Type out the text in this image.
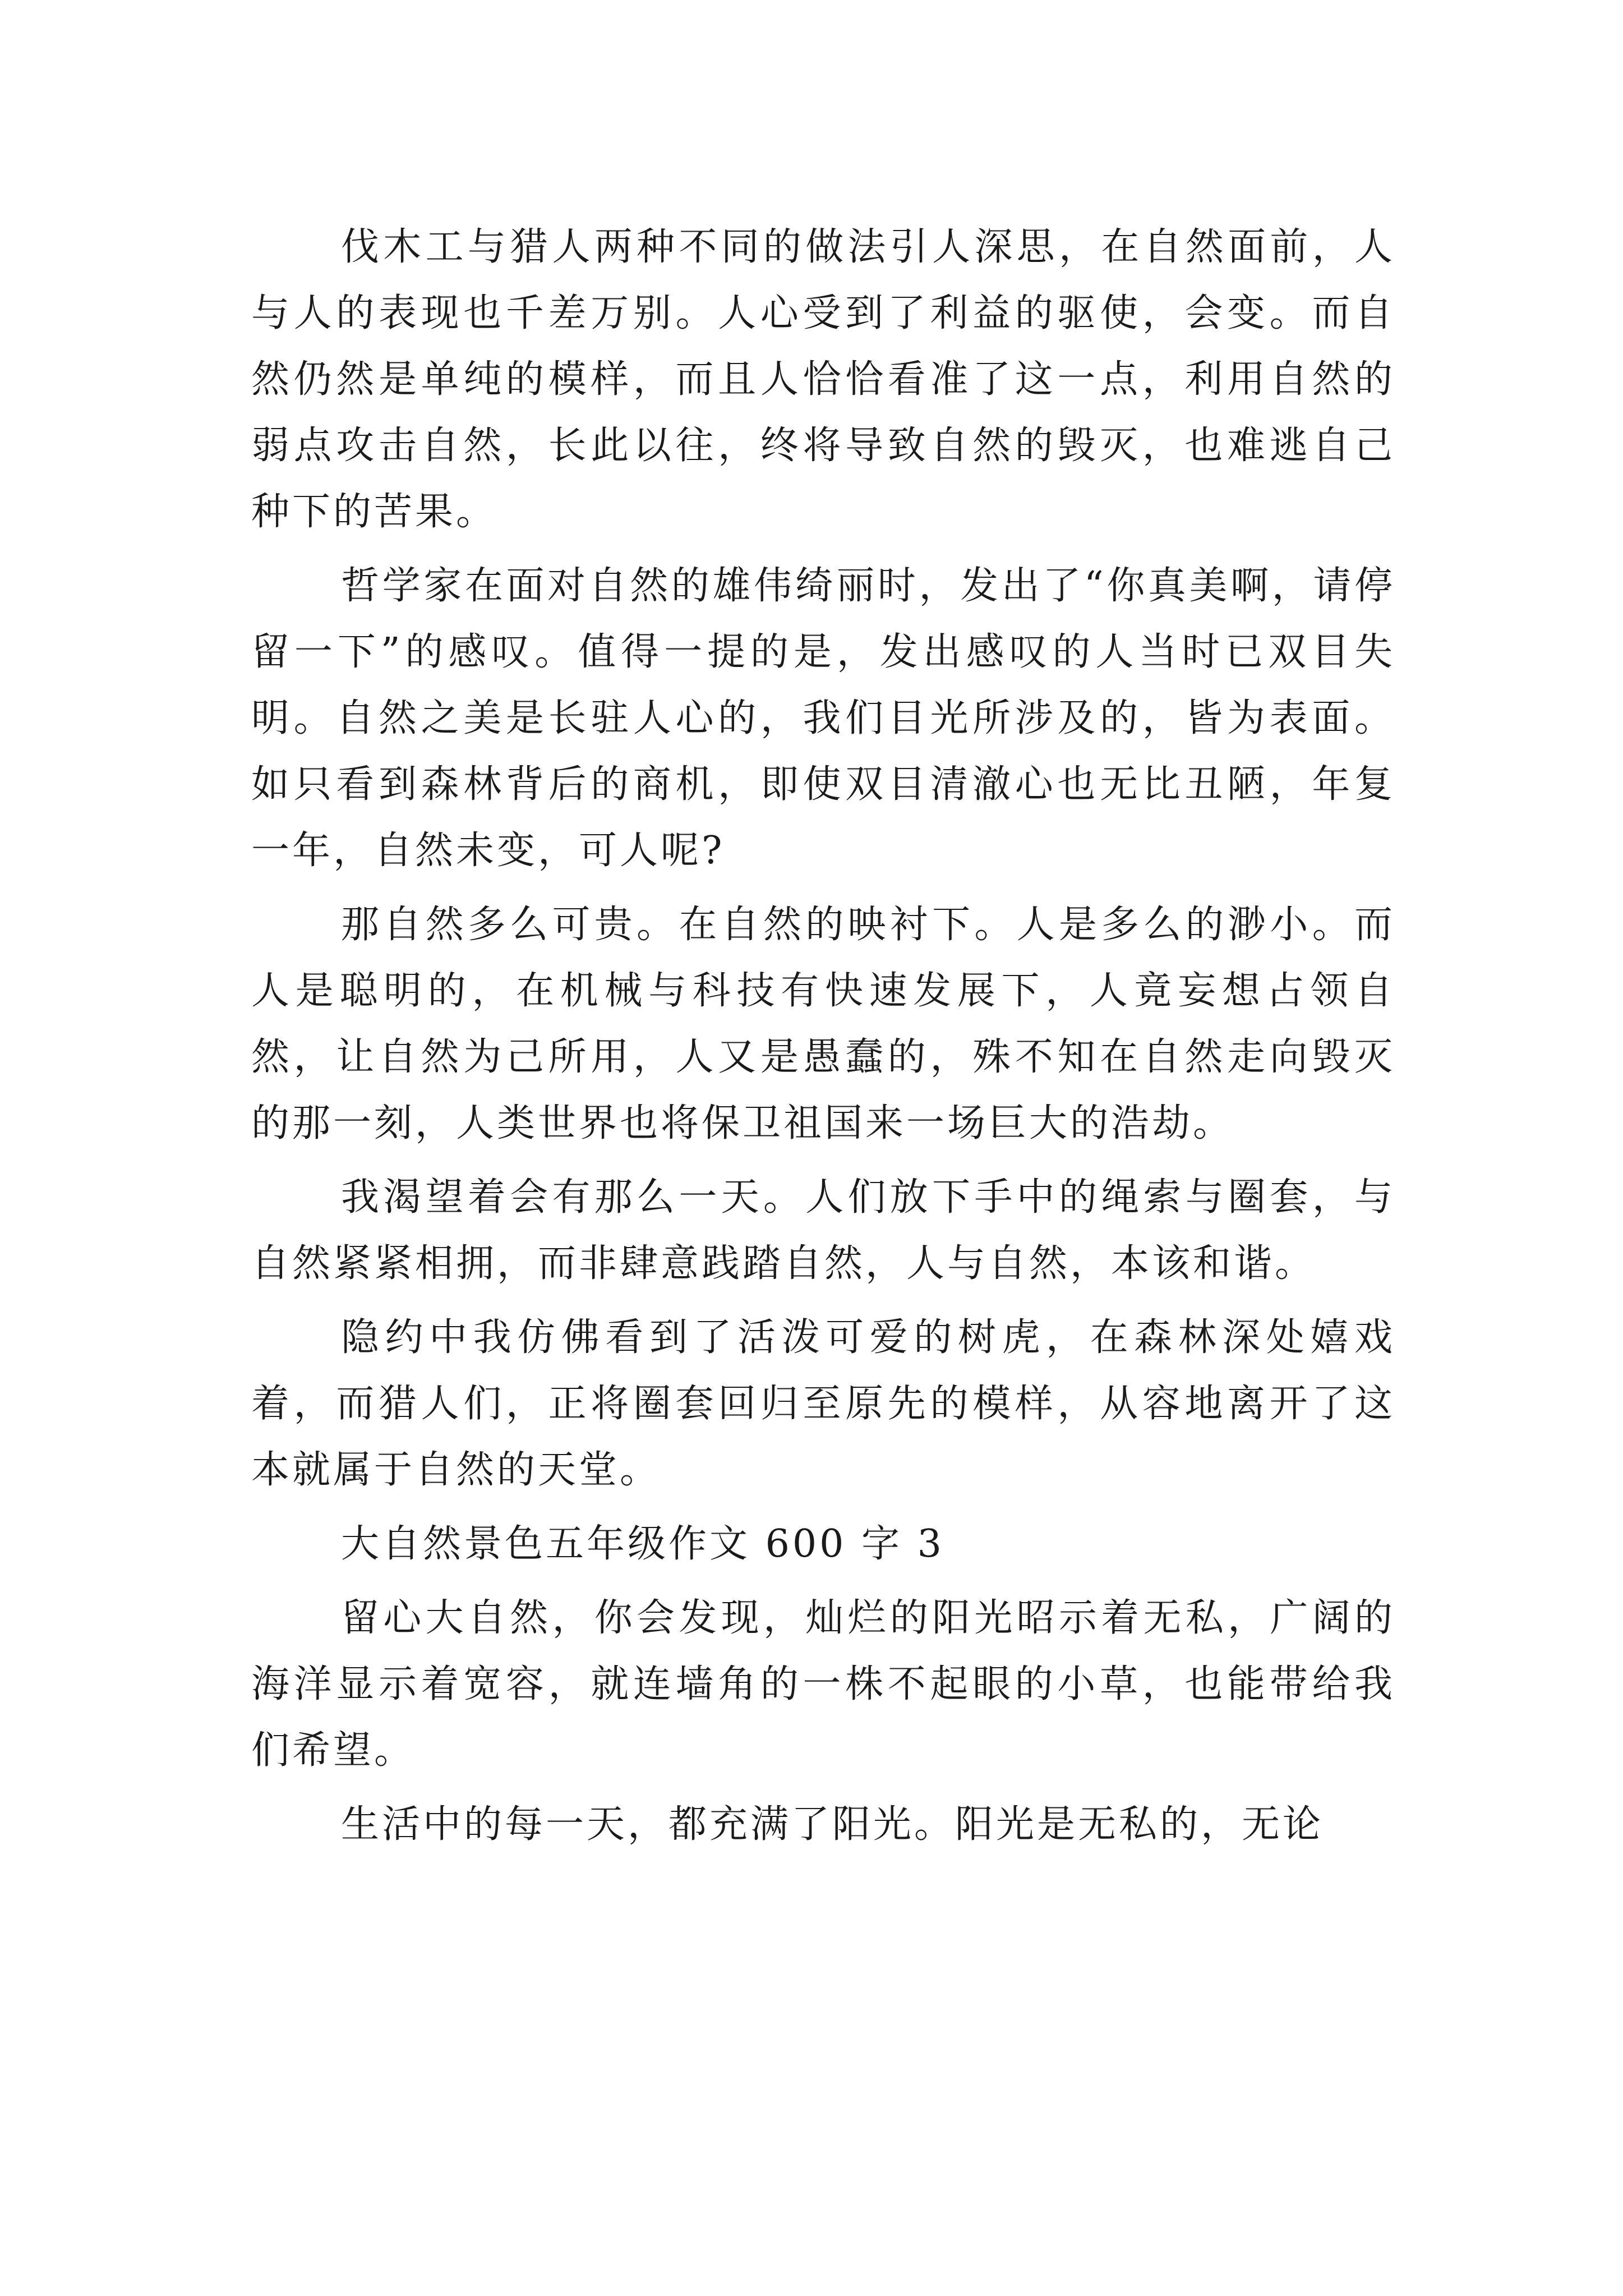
伐木工与猎人两种不同的做法引人深思，在自然面前，人与人的表现也千差万别。人心受到了利益的驱使，会变。而自然仍然是单纯的模样，而且人恰恰看准了这一点，利用自然的弱点攻击自然，长此以往，终将导致自然的毁灭，也难逃自己种下的苦果。

哲学家在面对自然的雄伟绮丽时，发出了“你真美啊，请停留一下”的感叹。值得一提的是，发出感叹的人当时已双目失明。自然之美是长驻人心的，我们目光所涉及的，皆为表面。如只看到森林背后的商机，即使双目清澈心也无比丑陋，年复一年，自然未变，可人呢?

那自然多么可贵。在自然的映衬下。人是多么的渺小。而人是聪明的，在机械与科技有快速发展下，人竟妄想占领自然，让自然为己所用，人又是愚蠢的，殊不知在自然走向毁灭的那一刻，人类世界也将保卫祖国来一场巨大的浩劫。

我渴望着会有那么一天。人们放下手中的绳索与圈套，与自然紧紧相拥，而非肆意践踏自然，人与自然，本该和谐。

隐约中我仿佛看到了活泼可爱的树虎，在森林深处嬉戏着，而猎人们，正将圈套回归至原先的模样，从容地离开了这本就属于自然的天堂。

大自然景色五年级作文 600 字 3

留心大自然，你会发现，灿烂的阳光昭示着无私，广阔的海洋显示着宽容，就连墙角的一株不起眼的小草，也能带给我们希望。

生活中的每一天，都充满了阳光。阳光是无私的，无论
